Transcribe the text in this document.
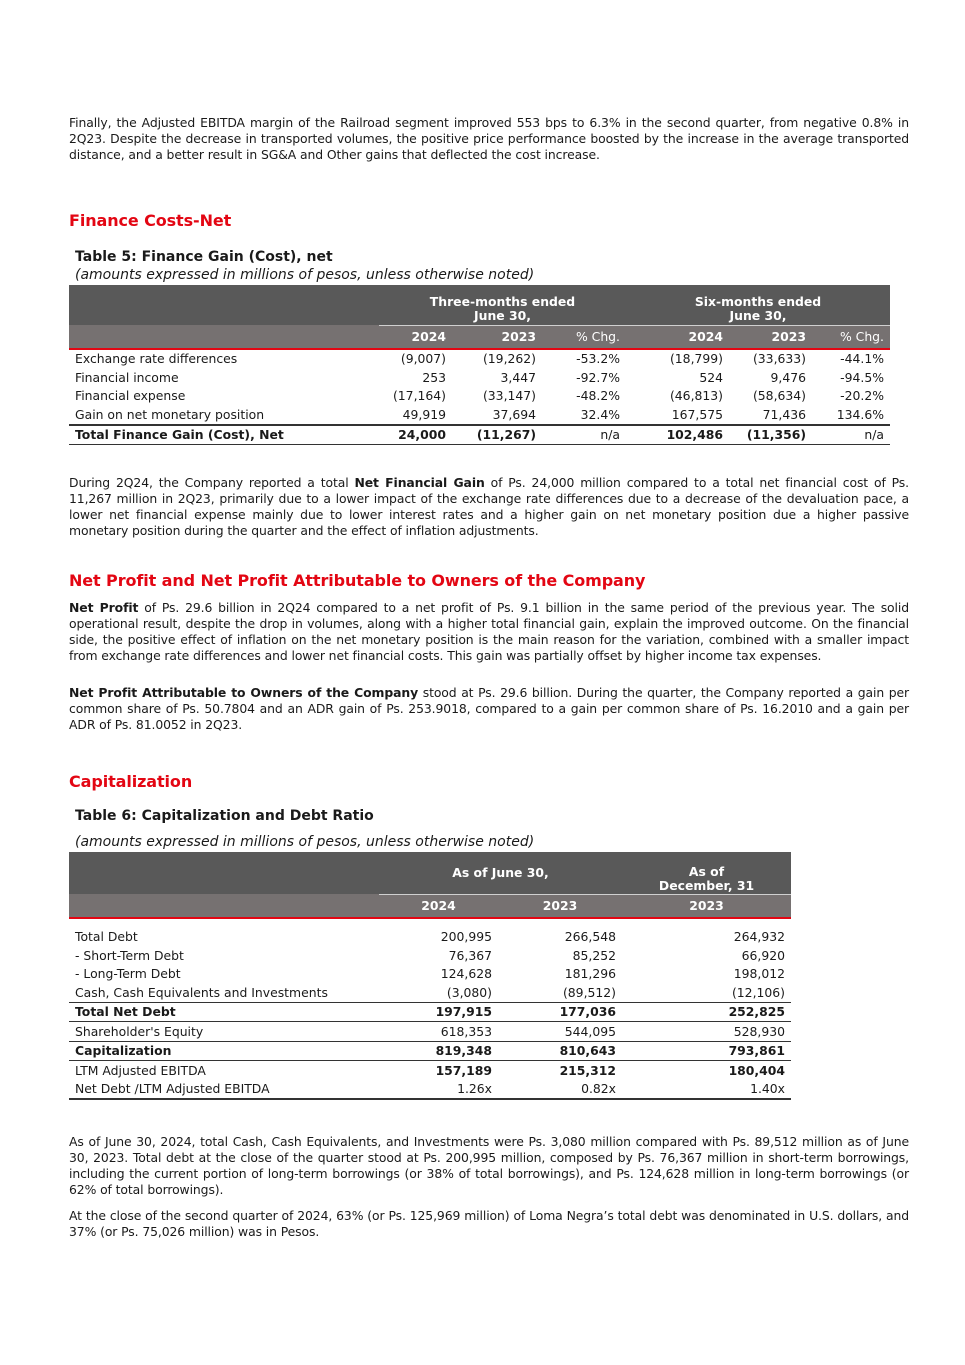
Finally, the Adjusted EBITDA margin of the Railroad segment improved 553 bps to 6.3% in the second quarter, from negative 0.8% in 2Q23. Despite the decrease in transported volumes, the positive price performance boosted by the increase in the average transported distance, and a better result in SG&A and Other gains that deflected the cost increase.

Finance Costs-Net
Table 5: Finance Gain (Cost), net
(amounts expressed in millions of pesos, unless otherwise noted)

Three-months ended
June 30,

Six-months ended
June 30,

	2024	2023	% Chg.	2024	2023	% Chg.

Exchange rate differences	(9,007)	(19,262)	-53.2%	(18,799)	(33,633)	-44.1%
Financial income	253	3,447	-92.7%	524	9,476	-94.5%
Financial expense	(17,164)	(33,147)	-48.2%	(46,813)	(58,634)	-20.2%
Gain on net monetary position	49,919	37,694	32.4%	167,575	71,436	134.6%
Total Finance Gain (Cost), Net	24,000	(11,267)	n/a	102,486	(11,356)	n/a

During 2Q24, the Company reported a total Net Financial Gain of Ps. 24,000 million compared to a total net financial cost of Ps. 11,267 million in 2Q23, primarily due to a lower impact of the exchange rate differences due to a decrease of the devaluation pace, a lower net financial expense mainly due to lower interest rates and a higher gain on net monetary position due a higher passive monetary position during the quarter and the effect of inflation adjustments.

Net Profit and Net Profit Attributable to Owners of the Company

Net Profit of Ps. 29.6 billion in 2Q24 compared to a net profit of Ps. 9.1 billion in the same period of the previous year. The solid operational result, despite the drop in volumes, along with a higher total financial gain, explain the improved outcome. On the financial side, the positive effect of inflation on the net monetary position is the main reason for the variation, combined with a smaller impact from exchange rate differences and lower net financial costs. This gain was partially offset by higher income tax expenses.

Net Profit Attributable to Owners of the Company stood at Ps. 29.6 billion. During the quarter, the Company reported a gain per common share of Ps. 50.7804 and an ADR gain of Ps. 253.9018, compared to a gain per common share of Ps. 16.2010 and a gain per ADR of Ps. 81.0052 in 2Q23.

Capitalization
Table 6: Capitalization and Debt Ratio
(amounts expressed in millions of pesos, unless otherwise noted)
	As of June 30,		As of
December, 31

	2024	2023	2023

Total Debt	200,995	266,548	264,932
- Short-Term Debt	76,367	85,252	66,920
- Long-Term Debt	124,628	181,296	198,012
Cash, Cash Equivalents and Investments	(3,080)	(89,512)	(12,106)
Total Net Debt	197,915	177,036	252,825
Shareholder's Equity	618,353	544,095	528,930
Capitalization	819,348	810,643	793,861
LTM Adjusted EBITDA	157,189	215,312	180,404
Net Debt /LTM Adjusted EBITDA	1.26x	0.82x	1.40x

As of June 30, 2024, total Cash, Cash Equivalents, and Investments were Ps. 3,080 million compared with Ps. 89,512 million as of June 30, 2023. Total debt at the close of the quarter stood at Ps. 200,995 million, composed by Ps. 76,367 million in short-term borrowings, including the current portion of long-term borrowings (or 38% of total borrowings), and Ps. 124,628 million in long-term borrowings (or 62% of total borrowings).

At the close of the second quarter of 2024, 63% (or Ps. 125,969 million) of Loma Negra’s total debt was denominated in U.S. dollars, and 37% (or Ps. 75,026 million) was in Pesos.
